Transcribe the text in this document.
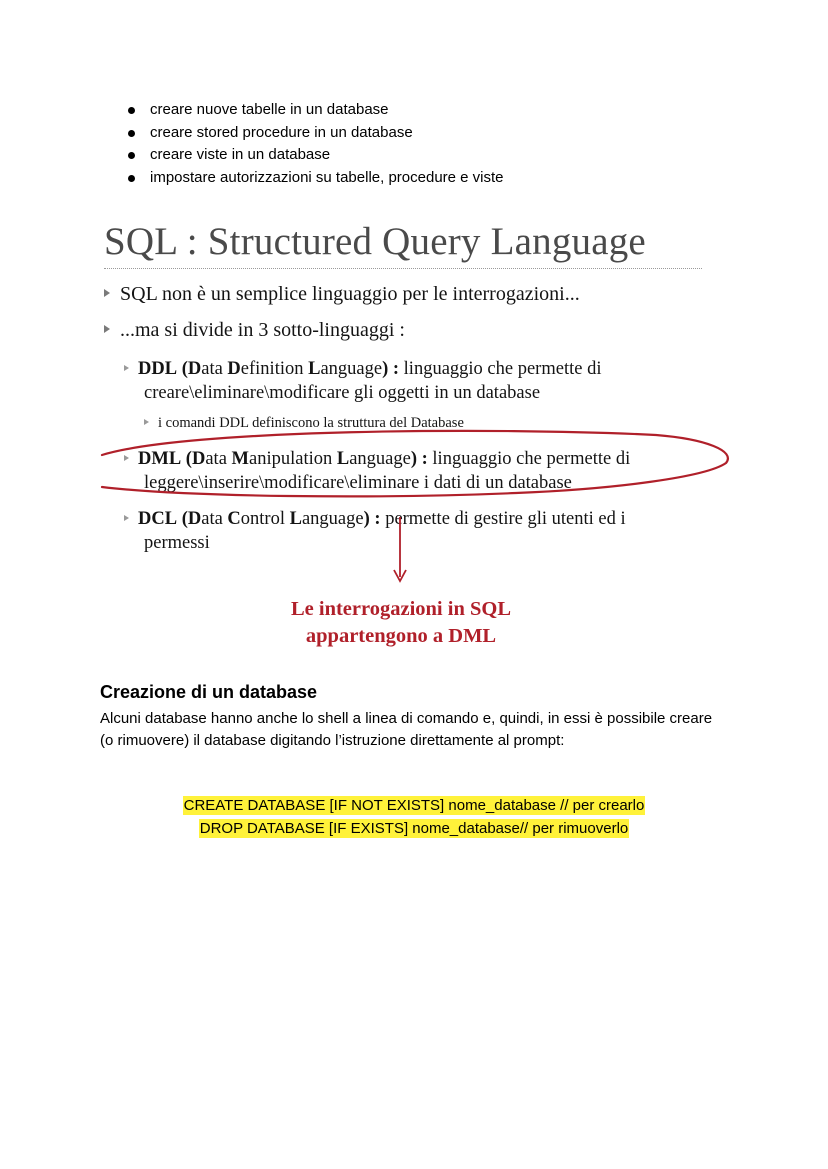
creare nuove tabelle in un database
creare stored procedure in un database
creare viste in un database
impostare autorizzazioni su tabelle, procedure e viste
SQL : Structured Query Language
SQL non è un semplice linguaggio per le interrogazioni...
...ma si divide in 3 sotto-linguaggi :
DDL (Data Definition Language) : linguaggio che permette di
creare\eliminare\modificare gli oggetti in un database
i comandi DDL definiscono la struttura del Database
DML (Data Manipulation Language) : linguaggio che permette di
leggere\inserire\modificare\eliminare i dati di un database
DCL (Data Control Language) : permette di gestire gli utenti ed i
permessi
Le interrogazioni in SQL
appartengono a DML
Creazione di un database
Alcuni database hanno anche lo shell a linea di comando e, quindi, in essi è possibile creare (o rimuovere) il database digitando l’istruzione direttamente al prompt:
CREATE DATABASE [IF NOT EXISTS] nome_database // per crearlo
DROP DATABASE [IF EXISTS] nome_database// per rimuoverlo
